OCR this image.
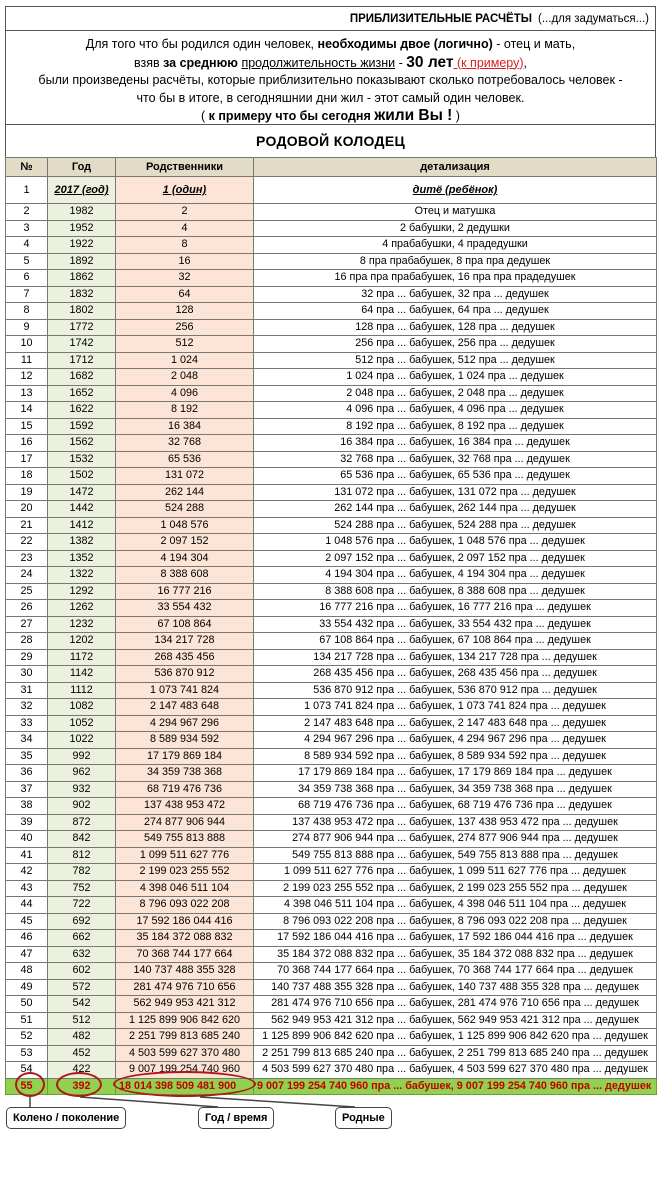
ПРИБЛИЗИТЕЛЬНЫЕ РАСЧЁТЫ (...для задуматься...)
Для того что бы родился один человек, необходимы двое (логично) - отец и мать,
взяв за среднюю продолжительность жизни - 30 лет (к примеру),
были произведены расчёты, которые приблизительно показывают сколько потребовалось человек -
что бы в итоге, в сегодняшнии дни жил - этот самый один человек.
( к примеру что бы сегодня жили Вы ! )
РОДОВОЙ КОЛОДЕЦ
№	Год	Родственники	детализация
1	2017 (год)	1 (один)	дитё (ребёнок)
2	1982	2	Отец и матушка
3	1952	4	2 бабушки, 2 дедушки
4	1922	8	4 прабабушки, 4 прадедушки
5	1892	16	8 пра прабабушек, 8 пра пра дедушек
6	1862	32	16 пра пра прабабушек, 16 пра пра прадедушек
7	1832	64	32 пра ... бабушек, 32 пра ... дедушек
8	1802	128	64 пра ... бабушек, 64 пра ... дедушек
9	1772	256	128 пра ... бабушек, 128 пра ... дедушек
10	1742	512	256 пра ... бабушек, 256 пра ... дедушек
11	1712	1 024	512 пра ... бабушек, 512 пра ... дедушек
12	1682	2 048	1 024 пра ... бабушек, 1 024 пра ... дедушек
13	1652	4 096	2 048 пра ... бабушек, 2 048 пра ... дедушек
14	1622	8 192	4 096 пра ... бабушек, 4 096 пра ... дедушек
15	1592	16 384	8 192 пра ... бабушек, 8 192 пра ... дедушек
16	1562	32 768	16 384 пра ... бабушек, 16 384 пра ... дедушек
17	1532	65 536	32 768 пра ... бабушек, 32 768 пра ... дедушек
18	1502	131 072	65 536 пра ... бабушек, 65 536 пра ... дедушек
19	1472	262 144	131 072 пра ... бабушек, 131 072 пра ... дедушек
20	1442	524 288	262 144 пра ... бабушек, 262 144 пра ... дедушек
21	1412	1 048 576	524 288 пра ... бабушек, 524 288 пра ... дедушек
22	1382	2 097 152	1 048 576 пра ... бабушек, 1 048 576 пра ... дедушек
23	1352	4 194 304	2 097 152 пра ... бабушек, 2 097 152 пра ... дедушек
24	1322	8 388 608	4 194 304 пра ... бабушек, 4 194 304 пра ... дедушек
25	1292	16 777 216	8 388 608 пра ... бабушек, 8 388 608 пра ... дедушек
26	1262	33 554 432	16 777 216 пра ... бабушек, 16 777 216 пра ... дедушек
27	1232	67 108 864	33 554 432 пра ... бабушек, 33 554 432 пра ... дедушек
28	1202	134 217 728	67 108 864 пра ... бабушек, 67 108 864 пра ... дедушек
29	1172	268 435 456	134 217 728 пра ... бабушек, 134 217 728 пра ... дедушек
30	1142	536 870 912	268 435 456 пра ... бабушек, 268 435 456 пра ... дедушек
31	1112	1 073 741 824	536 870 912 пра ... бабушек, 536 870 912 пра ... дедушек
32	1082	2 147 483 648	1 073 741 824 пра ... бабушек, 1 073 741 824 пра ... дедушек
33	1052	4 294 967 296	2 147 483 648 пра ... бабушек, 2 147 483 648 пра ... дедушек
34	1022	8 589 934 592	4 294 967 296 пра ... бабушек, 4 294 967 296 пра ... дедушек
35	992	17 179 869 184	8 589 934 592 пра ... бабушек, 8 589 934 592 пра ... дедушек
36	962	34 359 738 368	17 179 869 184 пра ... бабушек, 17 179 869 184 пра ... дедушек
37	932	68 719 476 736	34 359 738 368 пра ... бабушек, 34 359 738 368 пра ... дедушек
38	902	137 438 953 472	68 719 476 736 пра ... бабушек, 68 719 476 736 пра ... дедушек
39	872	274 877 906 944	137 438 953 472 пра ... бабушек, 137 438 953 472 пра ... дедушек
40	842	549 755 813 888	274 877 906 944 пра ... бабушек, 274 877 906 944 пра ... дедушек
41	812	1 099 511 627 776	549 755 813 888 пра ... бабушек, 549 755 813 888 пра ... дедушек
42	782	2 199 023 255 552	1 099 511 627 776 пра ... бабушек, 1 099 511 627 776 пра ... дедушек
43	752	4 398 046 511 104	2 199 023 255 552 пра ... бабушек, 2 199 023 255 552 пра ... дедушек
44	722	8 796 093 022 208	4 398 046 511 104 пра ... бабушек, 4 398 046 511 104 пра ... дедушек
45	692	17 592 186 044 416	8 796 093 022 208 пра ... бабушек, 8 796 093 022 208 пра ... дедушек
46	662	35 184 372 088 832	17 592 186 044 416 пра ... бабушек, 17 592 186 044 416 пра ... дедушек
47	632	70 368 744 177 664	35 184 372 088 832 пра ... бабушек, 35 184 372 088 832 пра ... дедушек
48	602	140 737 488 355 328	70 368 744 177 664 пра ... бабушек, 70 368 744 177 664 пра ... дедушек
49	572	281 474 976 710 656	140 737 488 355 328 пра ... бабушек, 140 737 488 355 328 пра ... дедушек
50	542	562 949 953 421 312	281 474 976 710 656 пра ... бабушек, 281 474 976 710 656 пра ... дедушек
51	512	1 125 899 906 842 620	562 949 953 421 312 пра ... бабушек, 562 949 953 421 312 пра ... дедушек
52	482	2 251 799 813 685 240	1 125 899 906 842 620 пра ... бабушек, 1 125 899 906 842 620 пра ... дедушек
53	452	4 503 599 627 370 480	2 251 799 813 685 240 пра ... бабушек, 2 251 799 813 685 240 пра ... дедушек
54	422	9 007 199 254 740 960	4 503 599 627 370 480 пра ... бабушек, 4 503 599 627 370 480 пра ... дедушек
55	392	18 014 398 509 481 900	9 007 199 254 740 960 пра ... бабушек, 9 007 199 254 740 960 пра ... дедушек
Колено / поколение	Год / время	Родные
